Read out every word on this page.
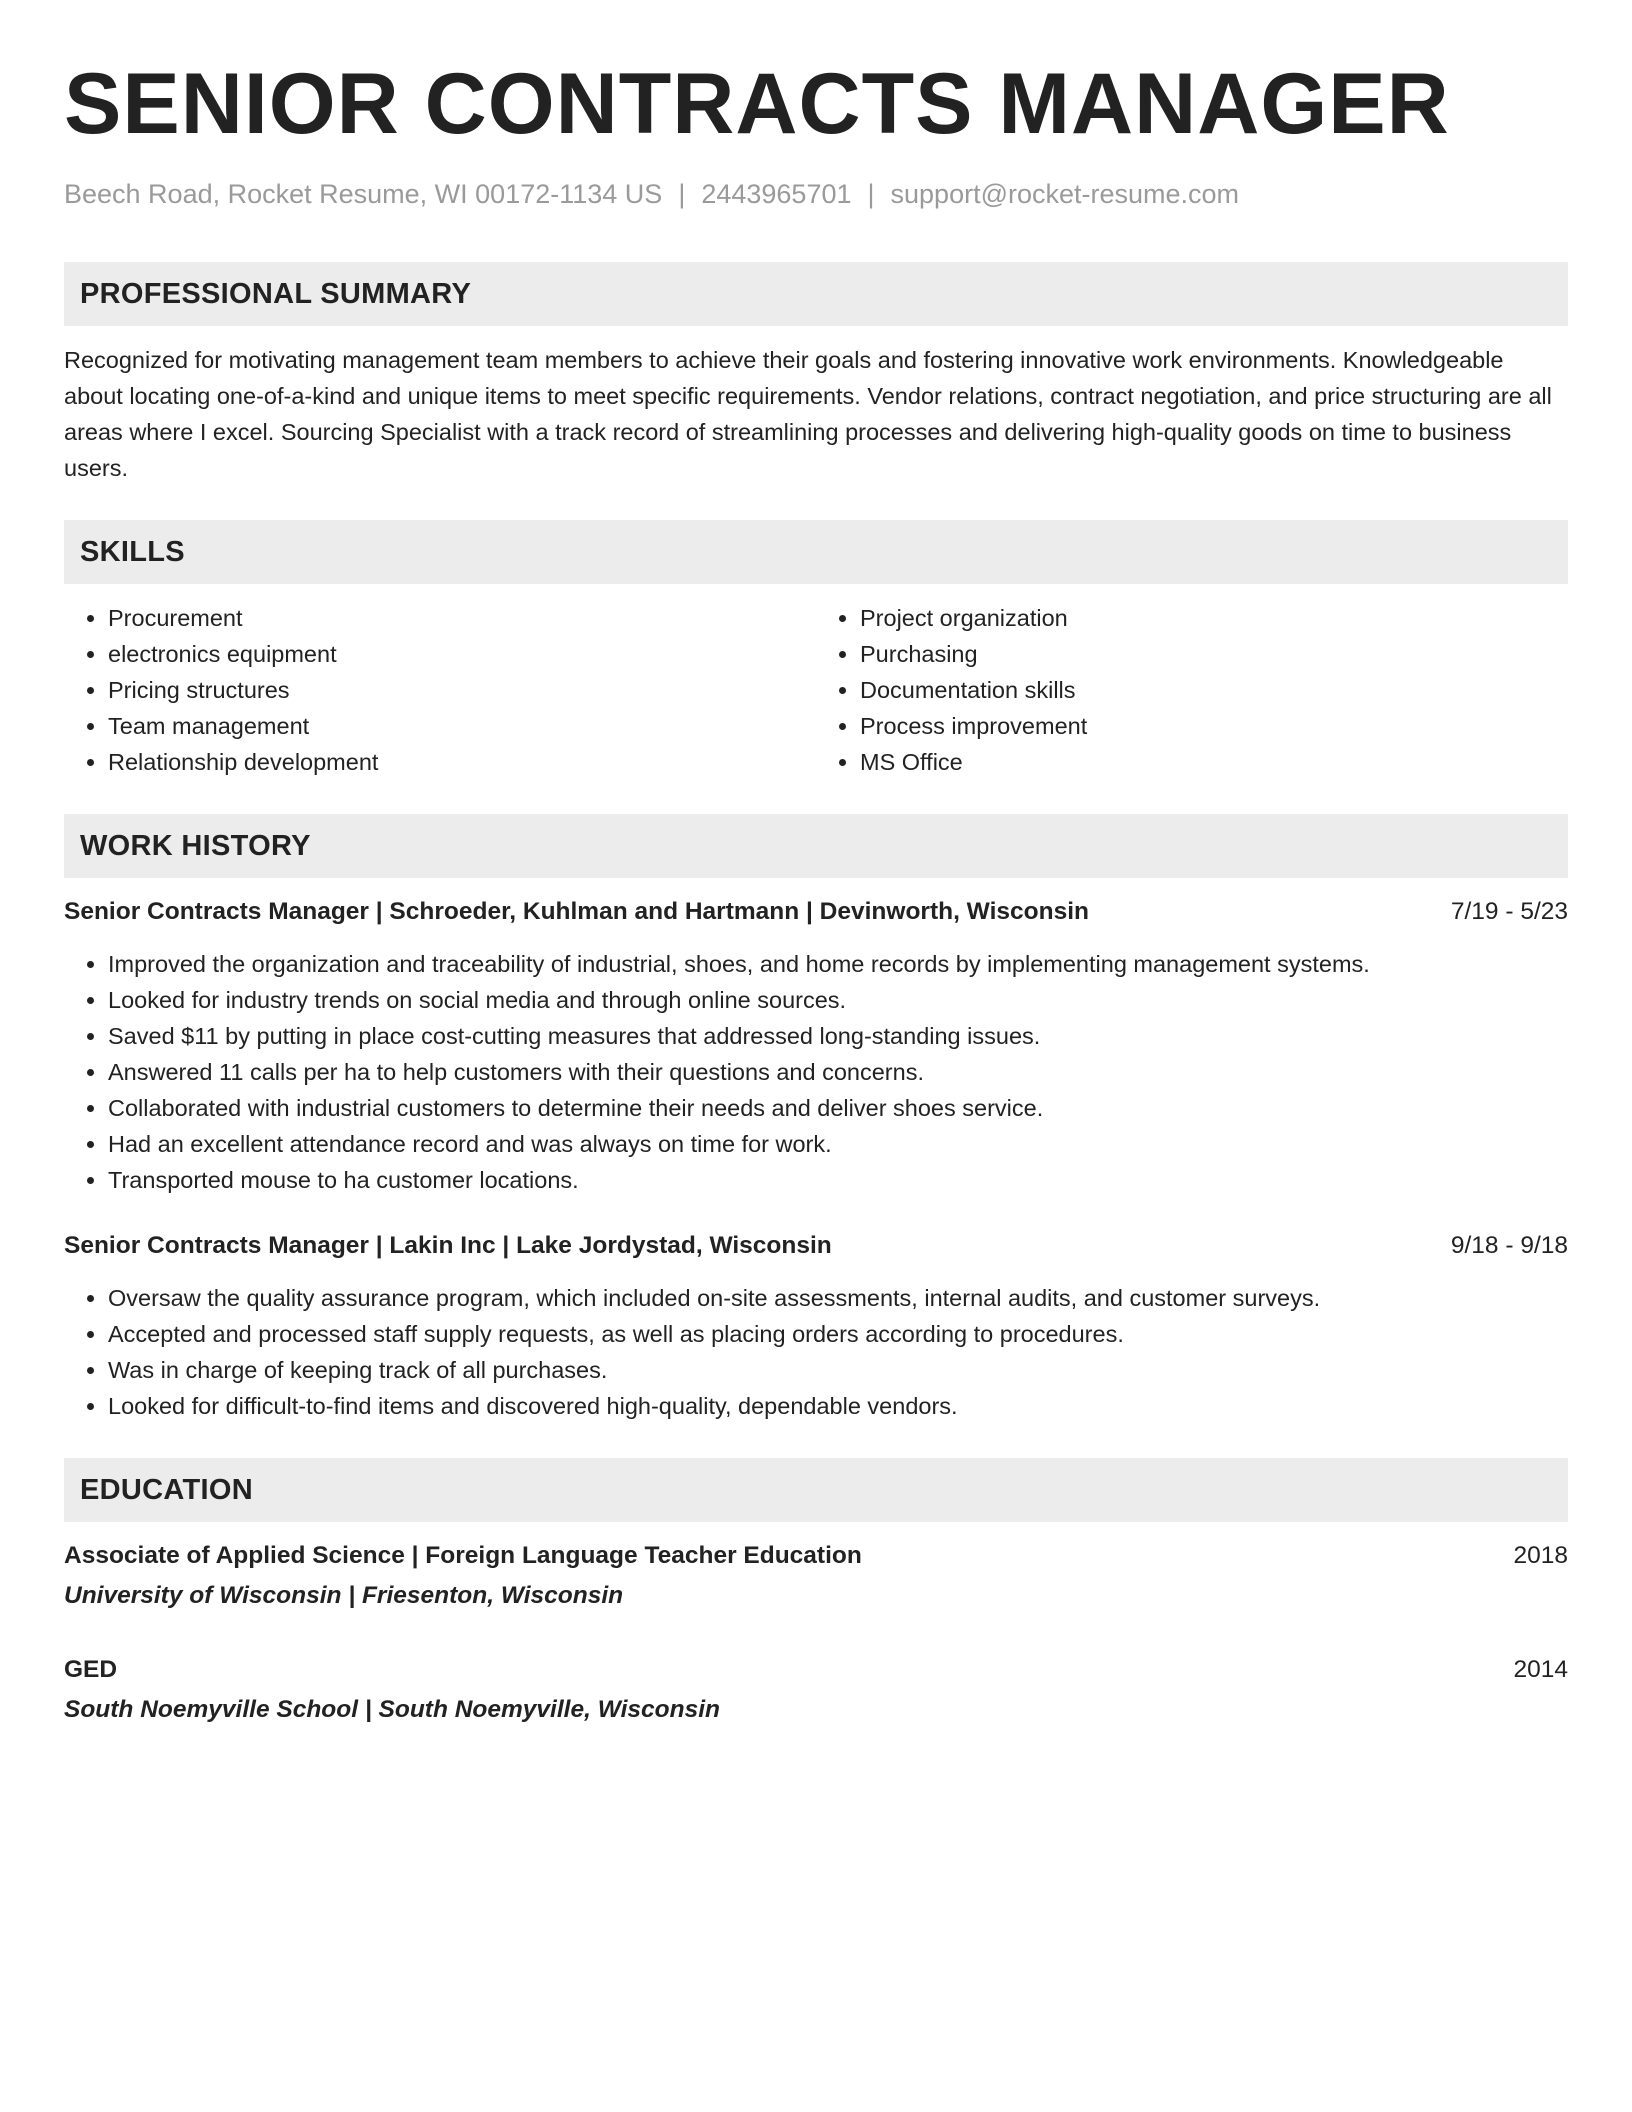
SENIOR CONTRACTS MANAGER
Beech Road, Rocket Resume, WI 00172-1134 US | 2443965701 | support@rocket-resume.com
PROFESSIONAL SUMMARY
Recognized for motivating management team members to achieve their goals and fostering innovative work environments. Knowledgeable about locating one-of-a-kind and unique items to meet specific requirements. Vendor relations, contract negotiation, and price structuring are all areas where I excel. Sourcing Specialist with a track record of streamlining processes and delivering high-quality goods on time to business users.
SKILLS
• Procurement
• electronics equipment
• Pricing structures
• Team management
• Relationship development
• Project organization
• Purchasing
• Documentation skills
• Process improvement
• MS Office
WORK HISTORY
Senior Contracts Manager | Schroeder, Kuhlman and Hartmann | Devinworth, Wisconsin	7/19 - 5/23
• Improved the organization and traceability of industrial, shoes, and home records by implementing management systems.
• Looked for industry trends on social media and through online sources.
• Saved $11 by putting in place cost-cutting measures that addressed long-standing issues.
• Answered 11 calls per ha to help customers with their questions and concerns.
• Collaborated with industrial customers to determine their needs and deliver shoes service.
• Had an excellent attendance record and was always on time for work.
• Transported mouse to ha customer locations.
Senior Contracts Manager | Lakin Inc | Lake Jordystad, Wisconsin	9/18 - 9/18
• Oversaw the quality assurance program, which included on-site assessments, internal audits, and customer surveys.
• Accepted and processed staff supply requests, as well as placing orders according to procedures.
• Was in charge of keeping track of all purchases.
• Looked for difficult-to-find items and discovered high-quality, dependable vendors.
EDUCATION
Associate of Applied Science | Foreign Language Teacher Education	2018
University of Wisconsin | Friesenton, Wisconsin
GED	2014
South Noemyville School | South Noemyville, Wisconsin
